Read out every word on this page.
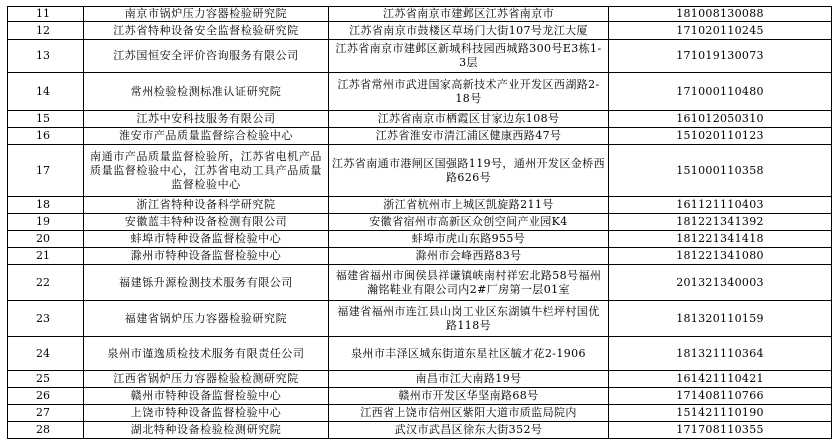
11	南京市锅炉压力容器检验研究院	江苏省南京市建邺区江苏省南京市	181008130088
12	江苏省特种设备安全监督检验研究院	江苏省南京市鼓楼区草场门大街107号龙江大厦	171020110245
13	江苏国恒安全评价咨询服务有限公司	江苏省南京市建邺区新城科技园西城路300号E3栋1-3层	171019130073
14	常州检验检测标准认证研究院	江苏省常州市武进国家高新技术产业开发区西湖路2-18号	171000110480
15	江苏中安科技服务有限公司	江苏省南京市栖霞区甘家边东108号	161012050310
16	淮安市产品质量监督综合检验中心	江苏省淮安市清江浦区健康西路47号	151020110123
17	南通市产品质量监督检验所，江苏省电机产品质量监督检验中心，江苏省电动工具产品质量监督检验中心	江苏省南通市港闸区国强路119号，通州开发区金桥西路626号	151000110358
18	浙江省特种设备科学研究院	浙江省杭州市上城区凯旋路211号	161121110403
19	安徽蓝丰特种设备检测有限公司	安徽省宿州市高新区众创空间产业园K4	181221341392
20	蚌埠市特种设备监督检验中心	蚌埠市虎山东路955号	181221341418
21	滁州市特种设备监督检验中心	滁州市会峰西路83号	181221341080
22	福建铄升源检测技术服务有限公司	福建省福州市闽侯县祥谦镇峡南村祥宏北路58号福州瀚铭鞋业有限公司内2#厂房第一层01室	201321340003
23	福建省锅炉压力容器检验研究院	福建省福州市连江县山岗工业区东湖镇牛栏坪村国优路118号	181320110159
24	泉州市谨逸质检技术服务有限责任公司	泉州市丰泽区城东街道东星社区毓才花2-1906	181321110364
25	江西省锅炉压力容器检验检测研究院	南昌市江大南路19号	161421110421
26	赣州市特种设备监督检验中心	赣州市开发区华坚南路68号	171408110766
27	上饶市特种设备监督检验中心	江西省上饶市信州区紫阳大道市质监局院内	151421110190
28	湖北特种设备检验检测研究院	武汉市武昌区徐东大街352号	171708110355
